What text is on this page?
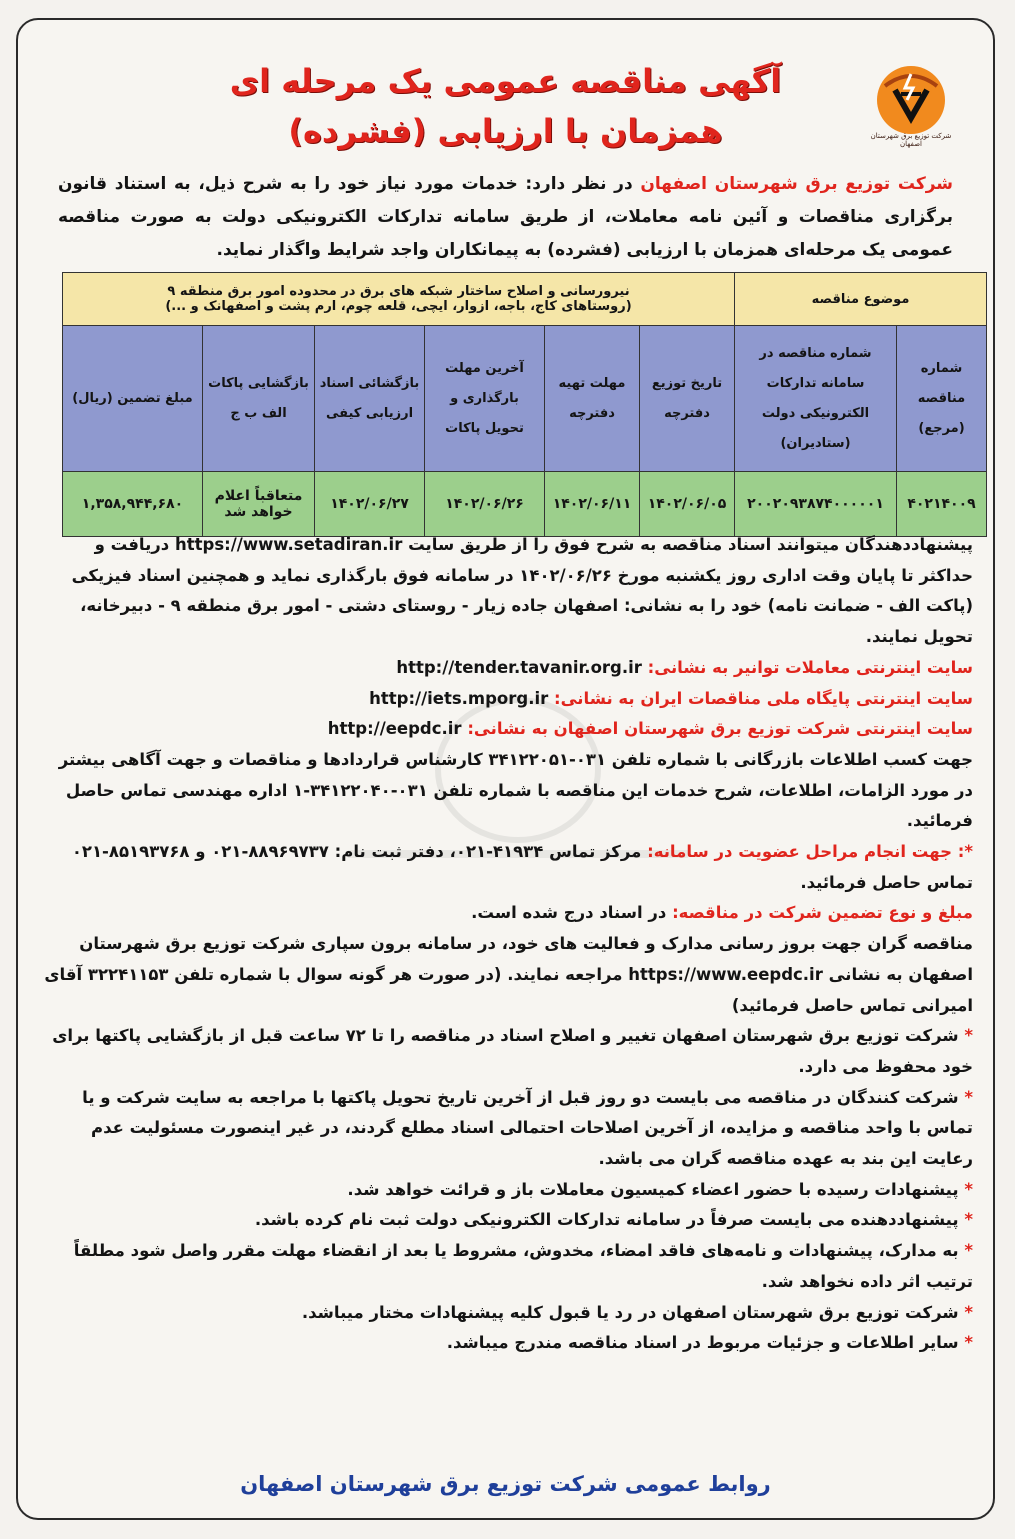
آگهی مناقصه عمومی یک مرحله ای
همزمان با ارزیابی (فشرده)	شرکت توزیع برق شهرستان اصفهان
شرکت توزیع برق شهرستان اصفهان در نظر دارد: خدمات مورد نیاز خود را به شرح ذیل، به استناد قانون برگزاری مناقصات و آئین نامه معاملات، از طریق سامانه تدارکات الکترونیکی دولت به صورت مناقصه عمومی یک مرحله‌ای همزمان با ارزیابی (فشرده) به پیمانکاران واجد شرایط واگذار نماید.
موضوع مناقصه		نیرورسانی و اصلاح ساختار شبکه های برق در محدوده امور برق منطقه ۹
(روستاهای کاج، باجه، ازوار، ایچی، قلعه چوم، ارم پشت و اصفهانک و ...)					

شماره مناقصه (مرجع)	شماره مناقصه در سامانه تدارکات الکترونیکی دولت (ستادیران)	تاریخ توزیع دفترچه	مهلت تهیه دفترچه	آخرین مهلت بارگذاری و تحویل پاکات	بازگشائی اسناد ارزیابی کیفی	بازگشایی پاکات الف ب ج	مبلغ تضمین (ریال)
۴۰۲۱۴۰۰۹	۲۰۰۲۰۹۳۸۷۴۰۰۰۰۰۱	۱۴۰۲/۰۶/۰۵	۱۴۰۲/۰۶/۱۱	۱۴۰۲/۰۶/۲۶	۱۴۰۲/۰۶/۲۷	متعاقباً اعلام خواهد شد	۱,۳۵۸,۹۴۴,۶۸۰
پیشنهاددهندگان میتوانند اسناد مناقصه به شرح فوق را از طریق سایت https://www.setadiran.ir دریافت و حداکثر تا پایان وقت اداری روز یکشنبه مورخ ۱۴۰۲/۰۶/۲۶ در سامانه فوق بارگذاری نماید و همچنین اسناد فیزیکی (پاکت الف - ضمانت نامه) خود را به نشانی: اصفهان جاده زیار - روستای دشتی - امور برق منطقه ۹ - دبیرخانه، تحویل نمایند.
سایت اینترنتی معاملات توانیر به نشانی: http://tender.tavanir.org.ir
سایت اینترنتی پایگاه ملی مناقصات ایران به نشانی: http://iets.mporg.ir
سایت اینترنتی شرکت توزیع برق شهرستان اصفهان به نشانی: http://eepdc.ir
جهت کسب اطلاعات بازرگانی با شماره تلفن ۰۳۱-۳۴۱۲۲۰۵۱ کارشناس قراردادها و مناقصات و جهت آگاهی بیشتر در مورد الزامات، اطلاعات، شرح خدمات این مناقصه با شماره تلفن ۰۳۱-۳۴۱۲۲۰۴۰-۱ اداره مهندسی تماس حاصل فرمائید.
*: جهت انجام مراحل عضویت در سامانه: مرکز تماس ۴۱۹۳۴-۰۲۱، دفتر ثبت نام: ۸۸۹۶۹۷۳۷-۰۲۱ و ۸۵۱۹۳۷۶۸-۰۲۱ تماس حاصل فرمائید.
مبلغ و نوع تضمین شرکت در مناقصه: در اسناد درج شده است.
مناقصه گران جهت بروز رسانی مدارک و فعالیت های خود، در سامانه برون سپاری شرکت توزیع برق شهرستان اصفهان به نشانی https://www.eepdc.ir مراجعه نمایند. (در صورت هر گونه سوال با شماره تلفن ۳۲۲۴۱۱۵۳ آقای امیرانی تماس حاصل فرمائید)
* شرکت توزیع برق شهرستان اصفهان تغییر و اصلاح اسناد در مناقصه را تا ۷۲ ساعت قبل از بازگشایی پاکتها برای خود محفوظ می دارد.
* شرکت کنندگان در مناقصه می بایست دو روز قبل از آخرین تاریخ تحویل پاکتها با مراجعه به سایت شرکت و یا تماس با واحد مناقصه و مزایده، از آخرین اصلاحات احتمالی اسناد مطلع گردند، در غیر اینصورت مسئولیت عدم رعایت این بند به عهده مناقصه گران می باشد.
* پیشنهادات رسیده با حضور اعضاء کمیسیون معاملات باز و قرائت خواهد شد.
* پیشنهاددهنده می بایست صرفاً در سامانه تدارکات الکترونیکی دولت ثبت نام کرده باشد.
* به مدارک، پیشنهادات و نامه‌های فاقد امضاء، مخدوش، مشروط یا بعد از انقضاء مهلت مقرر واصل شود مطلقاً ترتیب اثر داده نخواهد شد.
* شرکت توزیع برق شهرستان اصفهان در رد یا قبول کلیه پیشنهادات مختار میباشد.
* سایر اطلاعات و جزئیات مربوط در اسناد مناقصه مندرج میباشد.
روابط عمومی شرکت توزیع برق شهرستان اصفهان
